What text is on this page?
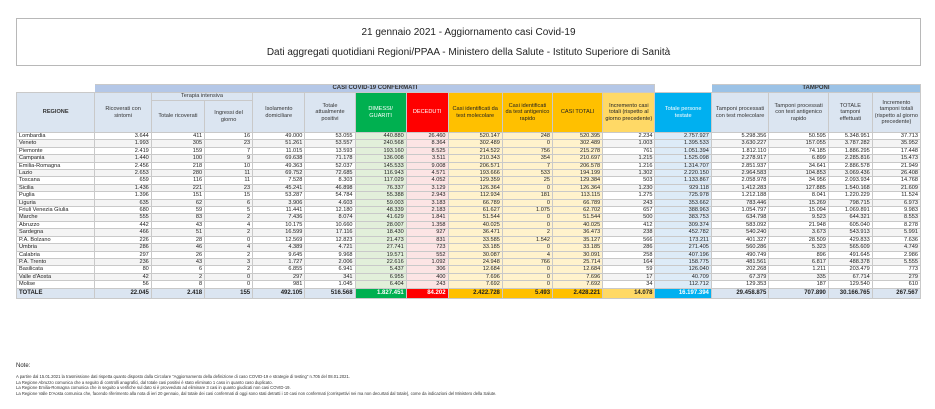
21 gennaio 2021 - Aggiornamento casi Covid-19
Dati aggregati quotidiani Regioni/PPAA - Ministero della Salute - Istituto Superiore di Sanità
	CASI COVID-19 CONFERMATI												TAMPONI			
REGIONE	Ricoverati con sintomi	Terapia intensiva		Isolamento domiciliare	Totale attualmente positivi	DIMESSI/ GUARITI	DECEDUTI	Casi identificati da test molecolare	Casi identificati da test antigenico rapido	CASI TOTALI	Incremento casi totali (rispetto al giorno precedente)	Totale persone testate	Tamponi processati con test molecolare	Tamponi processati con test antigenico rapido	TOTALE tamponi effettuati	Incremento tamponi totali (rispetto al giorno precedente)
		Totale ricoverati	Ingressi del giorno													
Lombardia	3.644	411	16	49.000	53.055	440.880	26.460	520.147	248	520.395	2.234	2.757.927	5.298.356	50.595	5.348.951	37.713
Veneto	1.993	305	23	51.261	53.557	240.568	8.364	302.489	0	302.489	1.003	1.395.533	3.630.227	157.055	3.787.282	35.952
Piemonte	2.419	159	7	11.015	13.593	193.160	8.525	214.522	756	215.278	761	1.051.394	1.812.110	74.185	1.886.295	17.448
Campania	1.440	100	9	69.638	71.178	136.008	3.511	210.343	354	210.697	1.215	1.525.098	2.278.917	6.899	2.285.816	15.473
Emilia-Romagna	2.456	218	10	49.363	52.037	145.533	9.008	206.571	7	206.578	1.216	1.314.707	2.851.937	34.641	2.886.578	21.949
Lazio	2.653	280	11	69.752	72.685	116.943	4.571	193.666	533	194.199	1.302	2.220.150	2.964.583	104.853	3.069.436	26.408
Toscana	659	116	11	7.528	8.303	117.029	4.052	129.359	25	129.384	503	1.133.867	2.058.978	34.956	2.093.934	14.768
Sicilia	1.436	221	23	45.241	46.898	76.337	3.129	126.364	0	126.364	1.230	929.118	1.412.283	127.885	1.540.168	21.609
Puglia	1.396	151	15	53.287	54.784	55.388	2.943	112.934	181	113.115	1.275	725.978	1.212.188	8.041	1.220.229	11.524
Liguria	635	62	6	3.906	4.603	59.003	3.183	66.789	0	66.789	243	353.662	783.446	15.269	798.715	6.973
Friuli Venezia Giulia	680	59	5	11.441	12.180	48.339	2.183	61.627	1.075	62.702	657	388.963	1.054.797	15.094	1.069.891	9.983
Marche	555	83	2	7.436	8.074	41.629	1.841	51.544	0	51.544	500	383.753	634.798	9.523	644.321	8.553
Abruzzo	442	43	4	10.175	10.660	28.007	1.358	40.025	0	40.025	412	309.374	583.092	21.948	605.040	8.278
Sardegna	466	51	2	16.599	17.116	18.430	927	36.471	2	36.473	238	452.782	540.240	3.673	543.913	5.991
P.A. Bolzano	226	28	0	12.569	12.823	21.473	831	33.585	1.542	35.127	566	173.211	401.327	28.509	429.833	7.636
Umbria	286	46	4	4.389	4.721	27.741	723	33.185	0	33.185	286	271.405	560.286	5.323	565.609	4.749
Calabria	297	26	2	9.645	9.968	19.571	552	30.087	4	30.091	258	407.196	490.749	896	491.645	2.986
P.A. Trento	236	43	3	1.727	2.006	22.616	1.092	24.948	766	25.714	164	158.775	481.561	6.817	488.378	5.555
Basilicata	80	6	2	6.855	6.941	5.437	306	12.684	0	12.684	59	126.040	202.268	1.211	203.479	773
Valle d'Aosta	42	2	0	297	341	6.955	400	7.696	0	7.696	17	40.709	67.379	335	67.714	279
Molise	56	8	0	981	1.045	6.404	243	7.692	0	7.692	34	112.712	129.353	187	129.540	610
TOTALE	22.045	2.418	155	492.105	516.568	1.827.451	84.202	2.422.728	5.493	2.428.221	14.078	16.197.394	29.458.875	707.890	30.166.765	267.567
Note:
A partire dal 15.01.2021 la trasmissione dati rispetta quanto disposto dalla Circolare "Aggiornamento della definizione di caso COVID-19 e strategie di testing" n.705 del 08.01.2021.
La Regione Abruzzo comunica che a seguito di controlli anagrafici, dal totale casi positivi è stato eliminato 1 caso in quanto caso duplicato.
La Regione Emilia-Romagna comunica che in seguito a verifiche sul dato si è provveduto ad eliminare 3 casi in quanto giudicati non casi COVID-19.
La Regione Valle D'Aosta comunica che, facendo riferimento alla nota di ieri 20 gennaio, dal totale dei casi confermati di oggi sono stati detratti i 10 casi non confermati (corrispettivi nei ma non decurtati dal totale), come da indicazioni del Ministero della Salute.
